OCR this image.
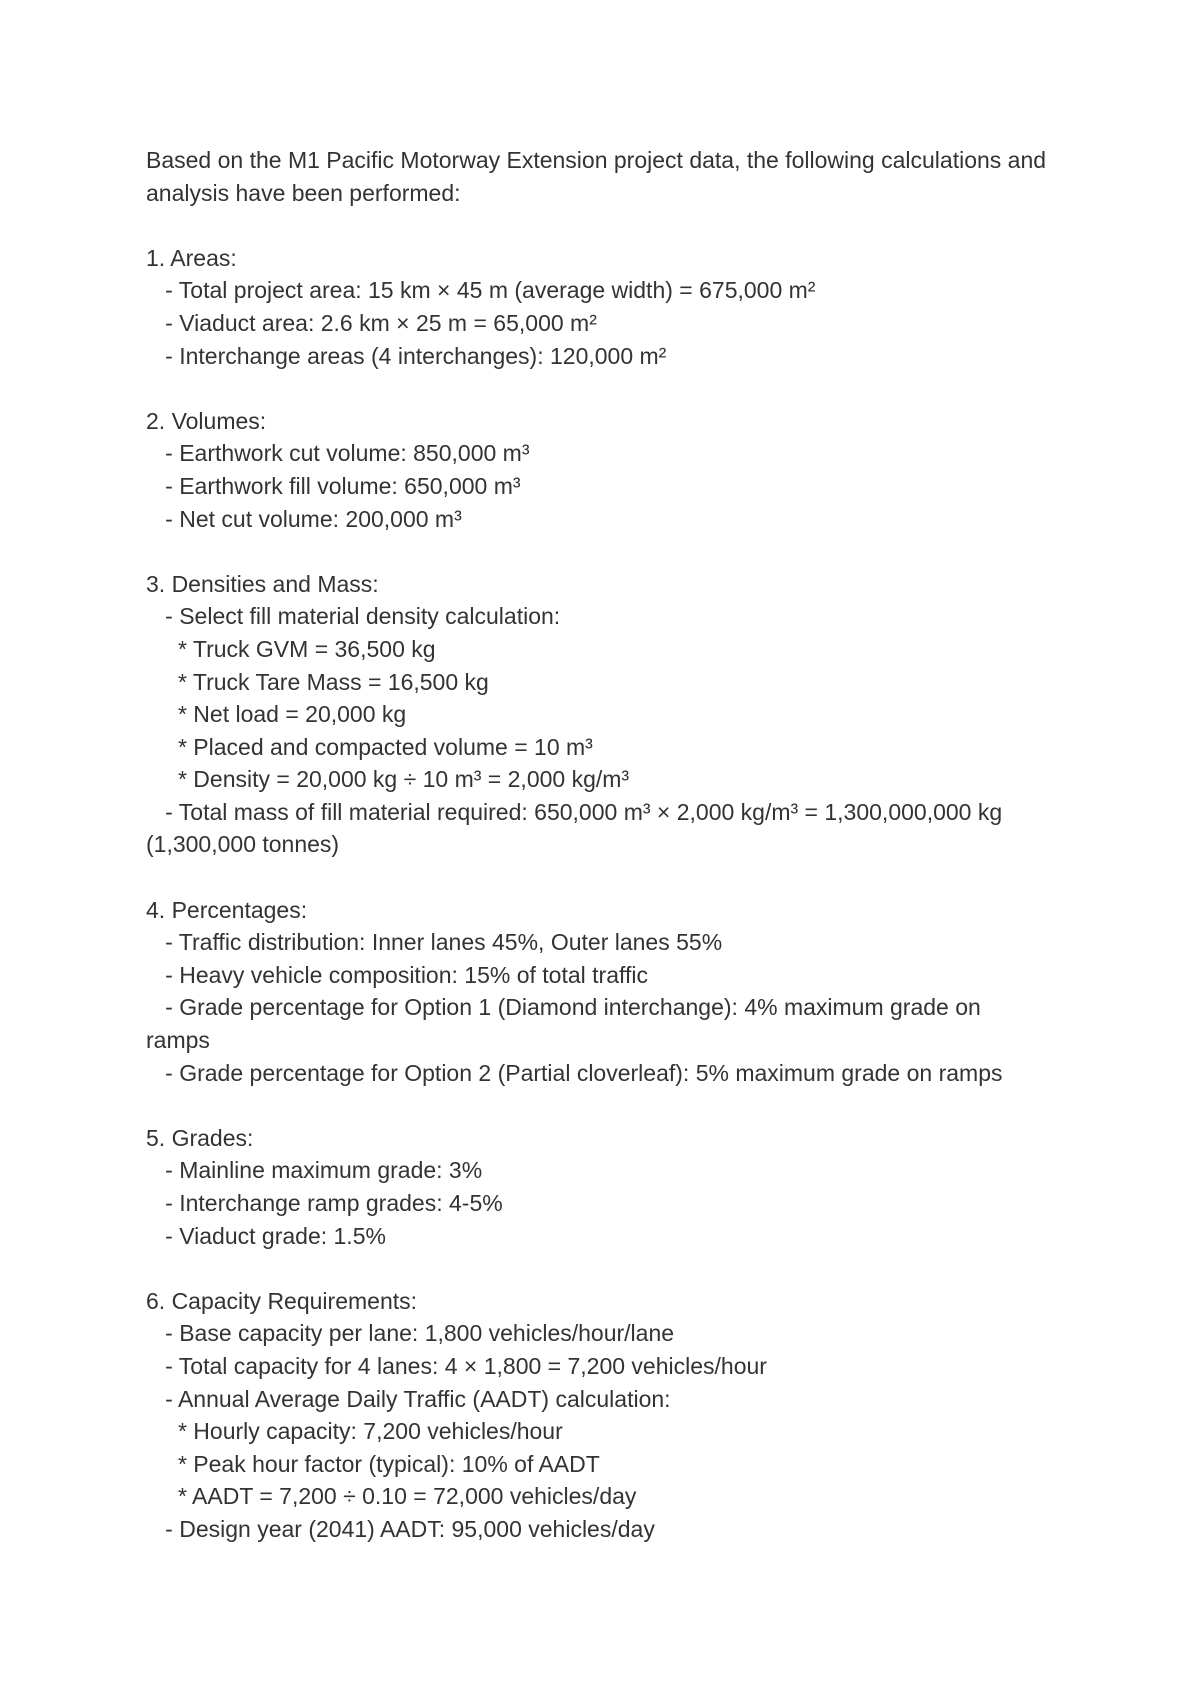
Based on the M1 Pacific Motorway Extension project data, the following calculations and analysis have been performed:
1. Areas:
- Total project area: 15 km × 45 m (average width) = 675,000 m²
- Viaduct area: 2.6 km × 25 m = 65,000 m²
- Interchange areas (4 interchanges): 120,000 m²
2. Volumes:
- Earthwork cut volume: 850,000 m³
- Earthwork fill volume: 650,000 m³
- Net cut volume: 200,000 m³
3. Densities and Mass:
- Select fill material density calculation:
* Truck GVM = 36,500 kg
* Truck Tare Mass = 16,500 kg
* Net load = 20,000 kg
* Placed and compacted volume = 10 m³
* Density = 20,000 kg ÷ 10 m³ = 2,000 kg/m³
- Total mass of fill material required: 650,000 m³ × 2,000 kg/m³ = 1,300,000,000 kg
(1,300,000 tonnes)
4. Percentages:
- Traffic distribution: Inner lanes 45%, Outer lanes 55%
- Heavy vehicle composition: 15% of total traffic
- Grade percentage for Option 1 (Diamond interchange): 4% maximum grade on
ramps
- Grade percentage for Option 2 (Partial cloverleaf): 5% maximum grade on ramps
5. Grades:
- Mainline maximum grade: 3%
- Interchange ramp grades: 4-5%
- Viaduct grade: 1.5%
6. Capacity Requirements:
- Base capacity per lane: 1,800 vehicles/hour/lane
- Total capacity for 4 lanes: 4 × 1,800 = 7,200 vehicles/hour
- Annual Average Daily Traffic (AADT) calculation:
* Hourly capacity: 7,200 vehicles/hour
* Peak hour factor (typical): 10% of AADT
* AADT = 7,200 ÷ 0.10 = 72,000 vehicles/day
- Design year (2041) AADT: 95,000 vehicles/day
